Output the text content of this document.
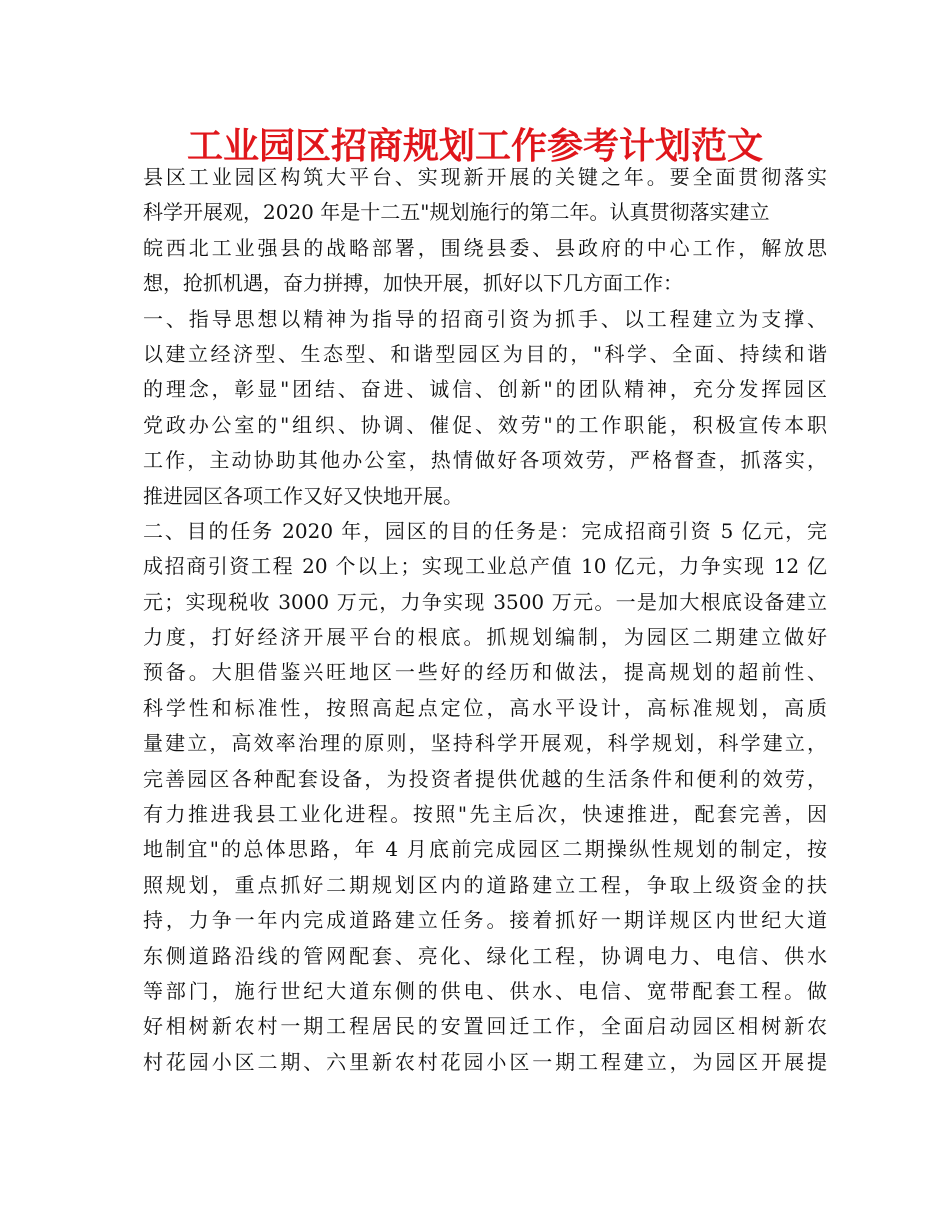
工业园区招商规划工作参考计划范文
县区工业园区构筑大平台、实现新开展的关键之年。要全面贯彻落实
科学开展观，2020 年是十二五"规划施行的第二年。认真贯彻落实建立
皖西北工业强县的战略部署，围绕县委、县政府的中心工作，解放思
想，抢抓机遇，奋力拼搏，加快开展，抓好以下几方面工作：
一、指导思想以精神为指导的招商引资为抓手、以工程建立为支撑、
以建立经济型、生态型、和谐型园区为目的，"科学、全面、持续和谐
的理念，彰显"团结、奋进、诚信、创新"的团队精神，充分发挥园区
党政办公室的"组织、协调、催促、效劳"的工作职能，积极宣传本职
工作，主动协助其他办公室，热情做好各项效劳，严格督查，抓落实，
推进园区各项工作又好又快地开展。
二、目的任务 2020 年，园区的目的任务是：完成招商引资 5 亿元，完
成招商引资工程 20 个以上；实现工业总产值 10 亿元，力争实现 12 亿
元；实现税收 3000 万元，力争实现 3500 万元。一是加大根底设备建立
力度，打好经济开展平台的根底。抓规划编制，为园区二期建立做好
预备。大胆借鉴兴旺地区一些好的经历和做法，提高规划的超前性、
科学性和标准性，按照高起点定位，高水平设计，高标准规划，高质
量建立，高效率治理的原则，坚持科学开展观，科学规划，科学建立，
完善园区各种配套设备，为投资者提供优越的生活条件和便利的效劳，
有力推进我县工业化进程。按照"先主后次，快速推进，配套完善，因
地制宜"的总体思路，年 4 月底前完成园区二期操纵性规划的制定，按
照规划，重点抓好二期规划区内的道路建立工程，争取上级资金的扶
持，力争一年内完成道路建立任务。接着抓好一期详规区内世纪大道
东侧道路沿线的管网配套、亮化、绿化工程，协调电力、电信、供水
等部门，施行世纪大道东侧的供电、供水、电信、宽带配套工程。做
好相树新农村一期工程居民的安置回迁工作，全面启动园区相树新农
村花园小区二期、六里新农村花园小区一期工程建立，为园区开展提
